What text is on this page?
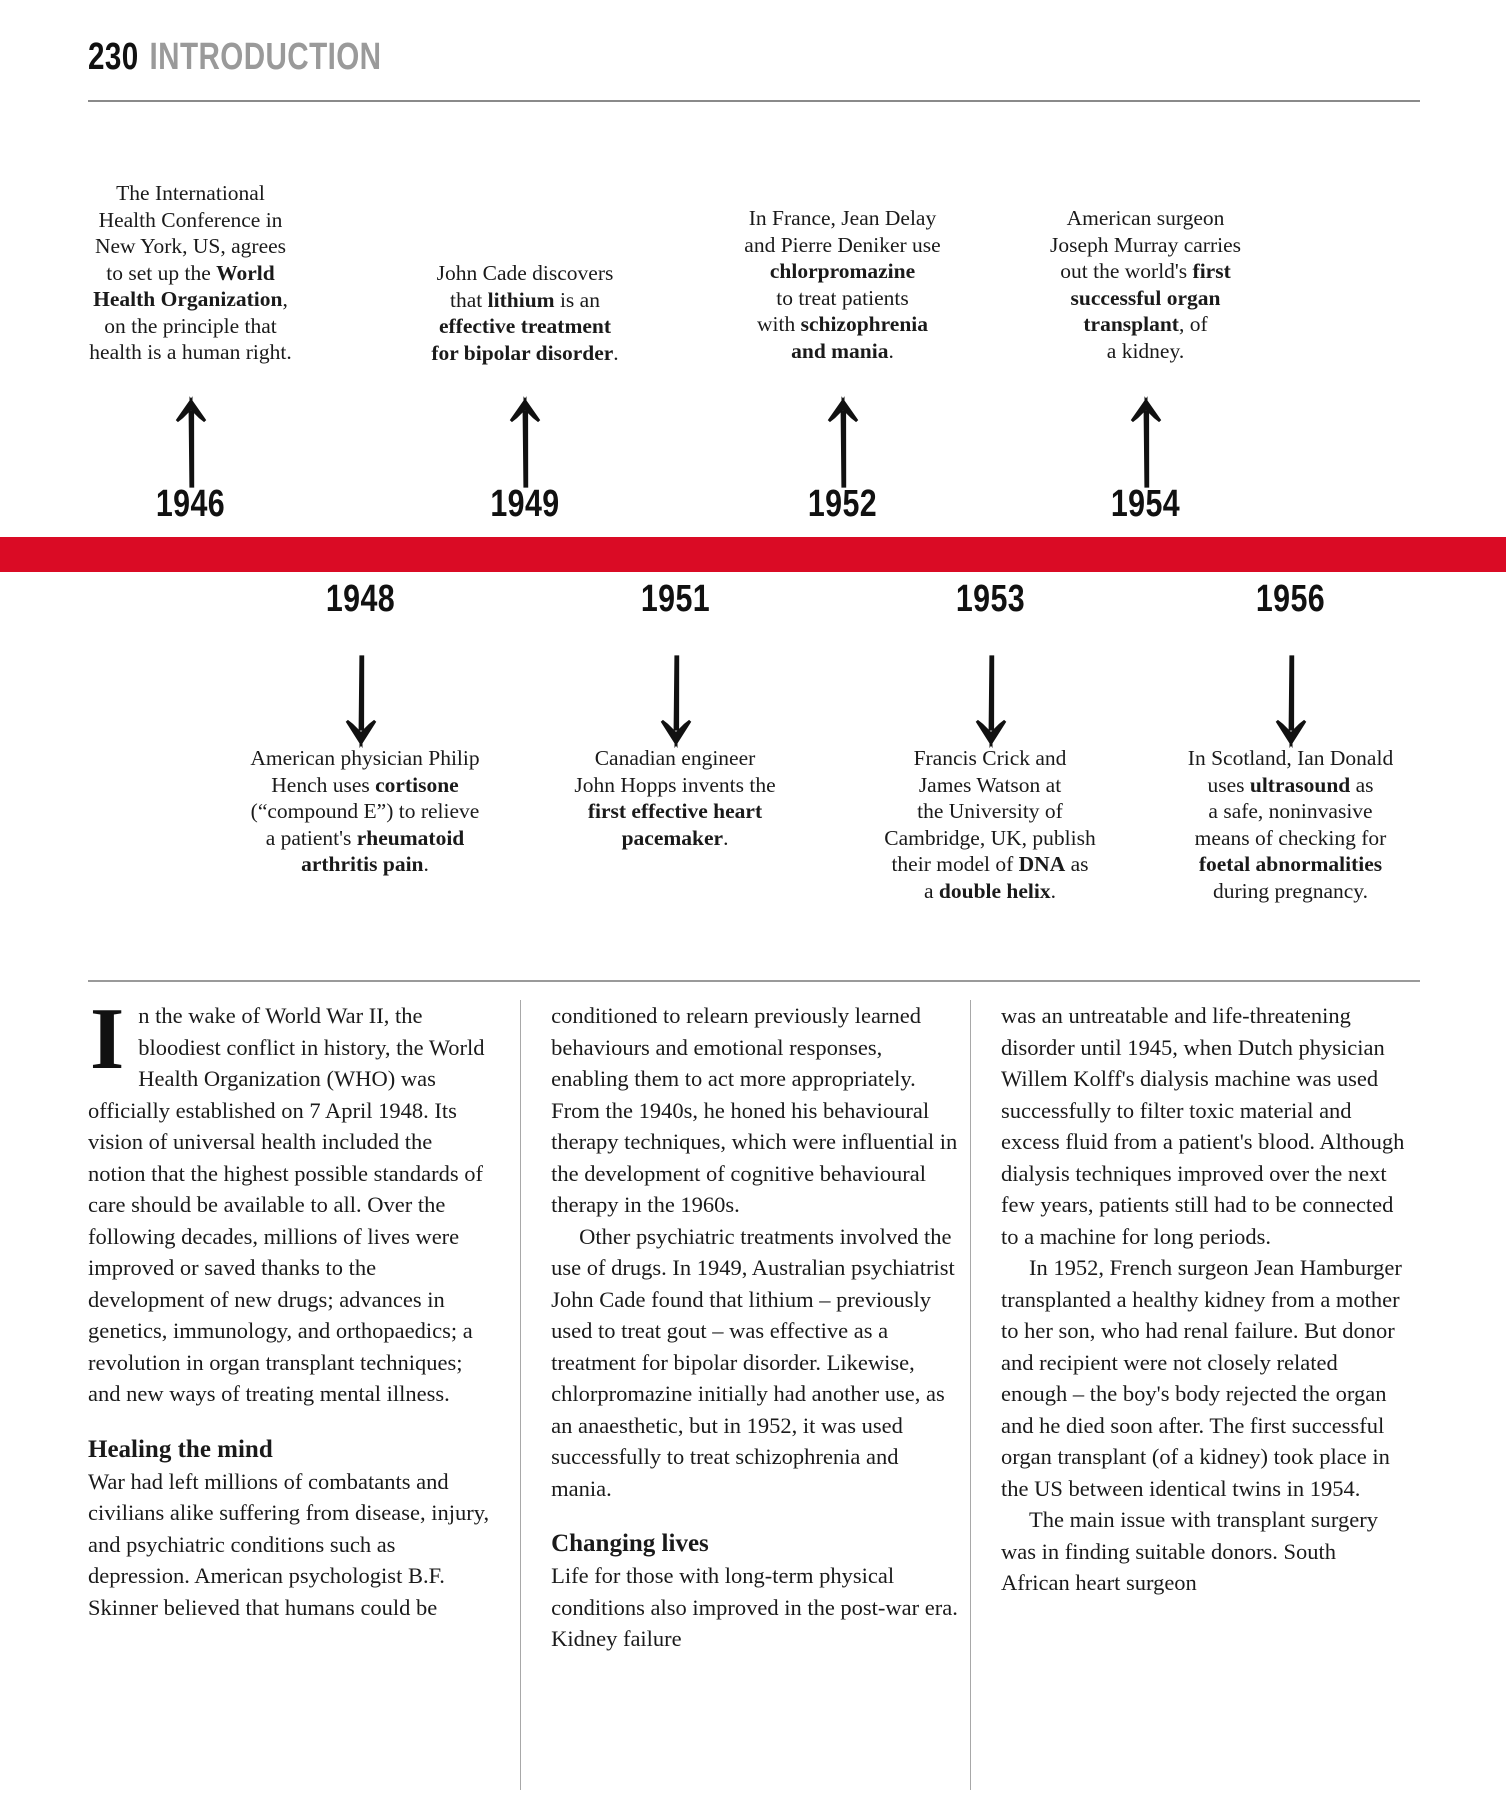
230 INTRODUCTION
The International
Health Conference in
New York, US, agrees
to set up the World
Health Organization,
on the principle that
health is a human right.
1946
John Cade discovers
that lithium is an
effective treatment
for bipolar disorder.
1949
In France, Jean Delay
and Pierre Deniker use
chlorpromazine
to treat patients
with schizophrenia
and mania.
1952
American surgeon
Joseph Murray carries
out the world's first
successful organ
transplant, of
a kidney.
1954
1948
American physician Philip
Hench uses cortisone
(“compound E”) to relieve
a patient's rheumatoid
arthritis pain.
1951
Canadian engineer
John Hopps invents the
first effective heart
pacemaker.
1953
Francis Crick and
James Watson at
the University of
Cambridge, UK, publish
their model of DNA as
a double helix.
1956
In Scotland, Ian Donald
uses ultrasound as
a safe, noninvasive
means of checking for
foetal abnormalities
during pregnancy.
I n the wake of World War II, the bloodiest conflict in history, the World Health Organization (WHO) was officially established on 7 April 1948. Its vision of universal health included the notion that the highest possible standards of care should be available to all. Over the following decades, millions of lives were improved or saved thanks to the development of new drugs; advances in genetics, immunology, and orthopaedics; a revolution in organ transplant techniques; and new ways of treating mental illness.

Healing the mind

War had left millions of combatants and civilians alike suffering from disease, injury, and psychiatric conditions such as depression. American psychologist B.F. Skinner believed that humans could be

conditioned to relearn previously learned behaviours and emotional responses, enabling them to act more appropriately. From the 1940s, he honed his behavioural therapy techniques, which were influential in the development of cognitive behavioural therapy in the 1960s.

Other psychiatric treatments involved the use of drugs. In 1949, Australian psychiatrist John Cade found that lithium – previously used to treat gout – was effective as a treatment for bipolar disorder. Likewise, chlorpromazine initially had another use, as an anaesthetic, but in 1952, it was used successfully to treat schizophrenia and mania.

Changing lives

Life for those with long-term physical conditions also improved in the post-war era. Kidney failure

was an untreatable and life-threatening disorder until 1945, when Dutch physician Willem Kolff's dialysis machine was used successfully to filter toxic material and excess fluid from a patient's blood. Although dialysis techniques improved over the next few years, patients still had to be connected to a machine for long periods.

In 1952, French surgeon Jean Hamburger transplanted a healthy kidney from a mother to her son, who had renal failure. But donor and recipient were not closely related enough – the boy's body rejected the organ and he died soon after. The first successful organ transplant (of a kidney) took place in the US between identical twins in 1954.

The main issue with transplant surgery was in finding suitable donors. South African heart surgeon
